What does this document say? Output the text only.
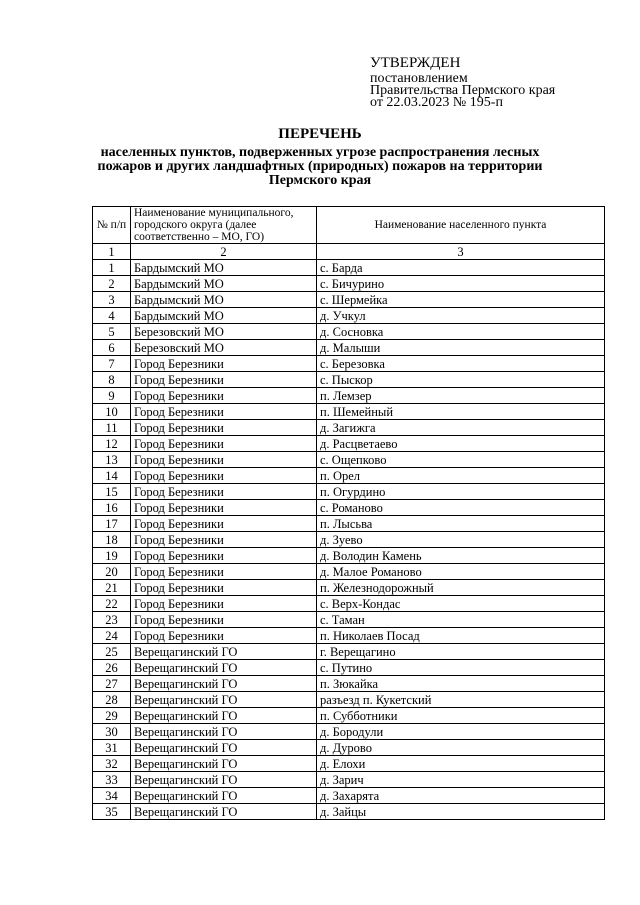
УТВЕРЖДЕН
постановлением
Правительства Пермского края
от 22.03.2023 № 195-п
ПЕРЕЧЕНЬ
населенных пунктов, подверженных угрозе распространения лесных пожаров и других ландшафтных (природных) пожаров на территории Пермского края
№ п/п	Наименование муниципального, городского округа (далее соответственно – МО, ГО)	Наименование населенного пункта
1	2	3
1	Бардымский МО	с. Барда
2	Бардымский МО	с. Бичурино
3	Бардымский МО	с. Шермейка
4	Бардымский МО	д. Учкул
5	Березовский МО	д. Сосновка
6	Березовский МО	д. Малыши
7	Город Березники	с. Березовка
8	Город Березники	с. Пыскор
9	Город Березники	п. Лемзер
10	Город Березники	п. Шемейный
11	Город Березники	д. Загижга
12	Город Березники	д. Расцветаево
13	Город Березники	с. Ощепково
14	Город Березники	п. Орел
15	Город Березники	п. Огурдино
16	Город Березники	с. Романово
17	Город Березники	п. Лысьва
18	Город Березники	д. Зуево
19	Город Березники	д. Володин Камень
20	Город Березники	д. Малое Романово
21	Город Березники	п. Железнодорожный
22	Город Березники	с. Верх-Кондас
23	Город Березники	с. Таман
24	Город Березники	п. Николаев Посад
25	Верещагинский ГО	г. Верещагино
26	Верещагинский ГО	с. Путино
27	Верещагинский ГО	п. Зюкайка
28	Верещагинский ГО	разъезд п. Кукетский
29	Верещагинский ГО	п. Субботники
30	Верещагинский ГО	д. Бородули
31	Верещагинский ГО	д. Дурово
32	Верещагинский ГО	д. Елохи
33	Верещагинский ГО	д. Зарич
34	Верещагинский ГО	д. Захарята
35	Верещагинский ГО	д. Зайцы
